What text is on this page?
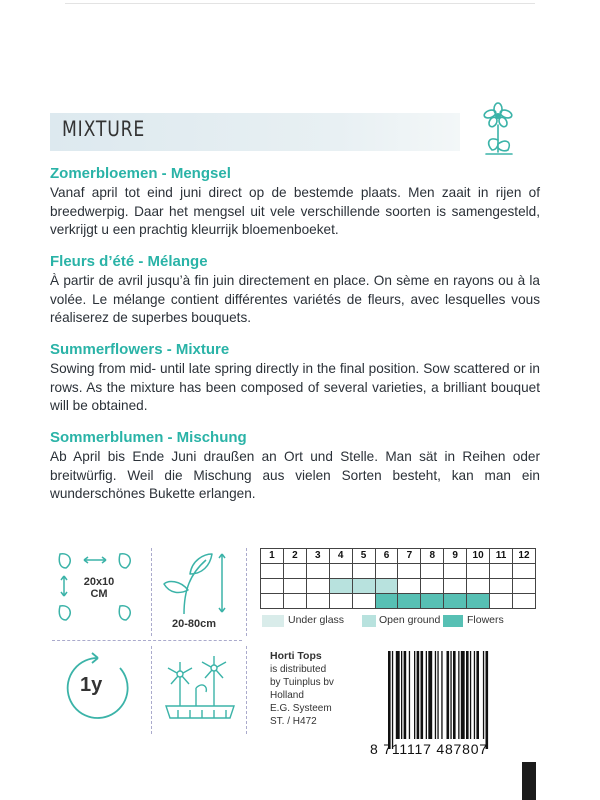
MIXTURE
Zomerbloemen - Mengsel

Vanaf april tot eind juni direct op de bestemde plaats. Men zaait in rijen of breedwerpig. Daar het mengsel uit vele verschillende soorten is samengesteld, verkrijgt u een prachtig kleurrijk bloemenboeket.

Fleurs d’été - Mélange

À partir de avril jusqu’à fin juin directement en place. On sème en rayons ou à la volée. Le mélange contient différentes variétés de fleurs, avec lesquelles vous réaliserez de superbes bouquets.

Summerflowers - Mixture

Sowing from mid- until late spring directly in the final position. Sow scattered or in rows. As the mixture has been composed of several varieties, a brilliant bouquet will be obtained.

Sommerblumen - Mischung

Ab April bis Ende Juni draußen an Ort und Stelle. Man sät in Reihen oder breitwürfig. Weil die Mischung aus vielen Sorten besteht, kan man ein wunderschönes Bukette erlangen.

20x10
CM
20-80cm
1y
1	2	3	4	5	6	7	8	9	10	11	12

Under glass	Open ground	Flowers
Horti Tops
is distributed
by Tuinplus bv
Holland
E.G. Systeem
ST. / H472
8 711117 487807
